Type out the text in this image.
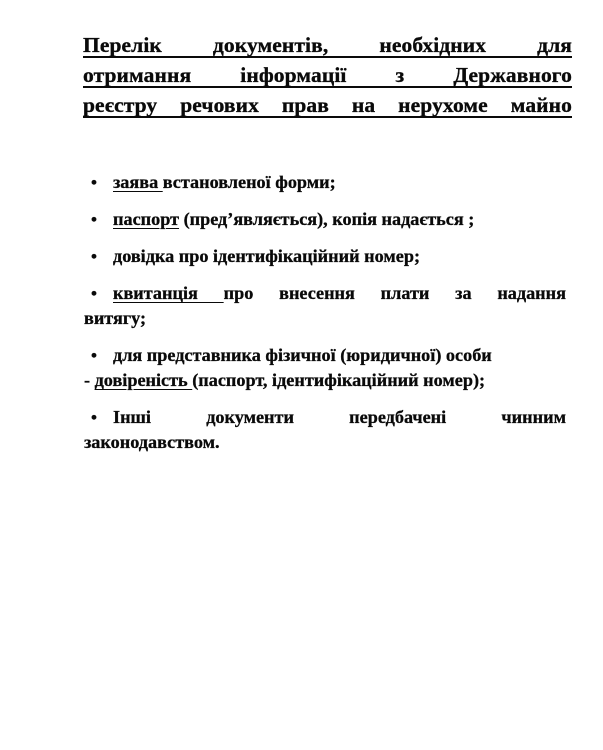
Перелік документів, необхідних для
отримання інформації з Державного
реєстру речових прав на нерухоме майно
• заява встановленої форми;
• паспорт (пред’являється), копія надається ;
• довідка про ідентифікаційний номер;
• квитанція про внесення плати за надання
витягу;
• для представника фізичної (юридичної) особи
- довіреність (паспорт, ідентифікаційний номер);
• Інші документи передбачені чинним
законодавством.
